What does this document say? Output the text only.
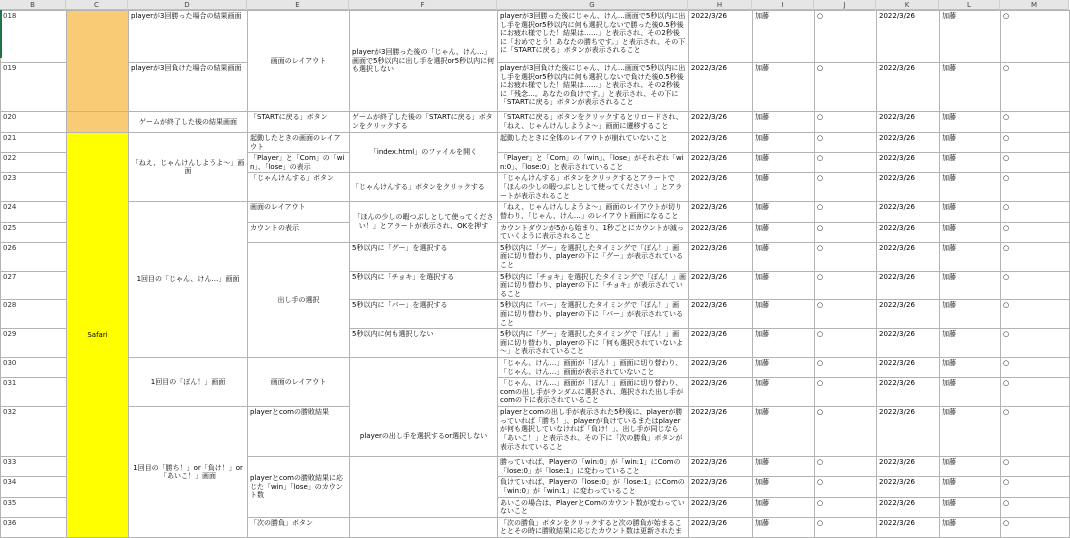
B	C	D	E	F	G	H	I	J	K	L	M
018		playerが3回勝った場合の結果画面	画面のレイアウト	playerが3回勝った後の「じゃん、けん…」画面で5秒以内に出し手を選択or5秒以内に何も選択しない	playerが3回勝った後にじゃん、けん…画面で5秒以内に出し手を選択or5秒以内に何も選択しないで勝った後0.5秒後にお疲れ様でした！結果は……」と表示され、その2秒後に「おめでとう！あなたの勝ちです。」と表示され、その下に「STARTに戻る」ボタンが表示されること	2022/3/26	加藤	○	2022/3/26	加藤	○
019		playerが3回負けた場合の結果画面			playerが3回負けた後にじゃん、けん…画面で5秒以内に出し手を選択or5秒以内に何も選択しないで負けた後0.5秒後にお疲れ様でした！結果は……」と表示され、その2秒後に「残念…。あなたの負けです。」と表示され、その下に「STARTに戻る」ボタンが表示されること	2022/3/26	加藤	○	2022/3/26	加藤	○
020		ゲームが終了した後の結果画面	「STARTに戻る」ボタン	ゲームが終了した後の「STARTに戻る」ボタンをクリックする	「STARTに戻る」ボタンをクリックするとリロードされ、「ねえ、じゃんけんしようよ～」画面に遷移すること	2022/3/26	加藤	○	2022/3/26	加藤	○
021	Safari	「ねえ、じゃんけんしようよ～」画面	起動したときの画面のレイアウト	「index.html」のファイルを開く	起動したときに全体のレイアウトが崩れていないこと	2022/3/26	加藤	○	2022/3/26	加藤	○
022			「Player」と「Com」の「win」、「lose」の表示		「Player」と「Com」の「win」、「lose」がそれぞれ「win:0」、「lose:0」と表示されていること	2022/3/26	加藤	○	2022/3/26	加藤	○
023			「じゃんけんする」ボタン	「じゃんけんする」ボタンをクリックする	「じゃんけんする」ボタンをクリックするとアラートで「ほんの少しの暇つぶしとして使ってください！」とアラートが表示されること	2022/3/26	加藤	○	2022/3/26	加藤	○
024		1回目の「じゃん、けん…」画面	画面のレイアウト	「ほんの少しの暇つぶしとして使ってください！」とアラートが表示され、OKを押す	「ねえ、じゃんけんしようよ～」画面のレイアウトが切り替わり、「じゃん、けん…」のレイアウト画面になること	2022/3/26	加藤	○	2022/3/26	加藤	○
025			カウントの表示		カウントダウンが5から始まり、1秒ごとにカウントが減っていくように表示されること	2022/3/26	加藤	○	2022/3/26	加藤	○
026			出し手の選択	5秒以内に「グー」を選択する	5秒以内に「グー」を選択したタイミングで「ぽん！」画面に切り替わり、playerの下に「グー」が表示されていること	2022/3/26	加藤	○	2022/3/26	加藤	○
027				5秒以内に「チョキ」を選択する	5秒以内に「チョキ」を選択したタイミングで「ぽん！」画面に切り替わり、playerの下に「チョキ」が表示されていること	2022/3/26	加藤	○	2022/3/26	加藤	○
028				5秒以内に「パー」を選択する	5秒以内に「パー」を選択したタイミングで「ぽん！」画面に切り替わり、playerの下に「パー」が表示されていること	2022/3/26	加藤	○	2022/3/26	加藤	○
029				5秒以内に何も選択しない	5秒以内に「グー」を選択したタイミングで「ぽん！」画面に切り替わり、playerの下に「何も選択されていないよ～」と表示されていること	2022/3/26	加藤	○	2022/3/26	加藤	○
030		1回目の「ぽん！」画面	画面のレイアウト	playerの出し手を選択するor選択しない	「じゃん、けん…」画面が「ぽん！」画面に切り替わり、「じゃん、けん…」画面が表示されていないこと	2022/3/26	加藤	○	2022/3/26	加藤	○
031					「じゃん、けん…」画面が「ぽん！」画面に切り替わり、comの出し手がランダムに選択され、選択された出し手がcomの下に表示されていること	2022/3/26	加藤	○	2022/3/26	加藤	○
032		1回目の「勝ち！」or「負け！」or「あいこ！」画面	playerとcomの勝敗結果		playerとcomの出し手が表示された5秒後に、playerが勝っていれば「勝ち！」、playerが負けているまたはplayerが何も選択していなければ「負け！」、出し手が同じなら「あいこ！」と表示され、その下に「次の勝負」ボタンが表示されていること	2022/3/26	加藤	○	2022/3/26	加藤	○
033			playerとcomの勝敗結果に応じた「win」「lose」のカウント数		勝っていれば、Playerの「win:0」が「win:1」にComの「lose:0」が「lose:1」に変わっていること	2022/3/26	加藤	○	2022/3/26	加藤	○
034					負けていれば、Playerの「lose:0」が「lose:1」にComの「win:0」が「win:1」に変わっていること	2022/3/26	加藤	○	2022/3/26	加藤	○
035					あいこの場合は、PlayerとComのカウント数が変わっていないこと	2022/3/26	加藤	○	2022/3/26	加藤	○
036			「次の勝負」ボタン		「次の勝負」ボタンをクリックすると次の勝負が始まることとその時に勝敗結果に応じたカウント数は更新されたま	2022/3/26	加藤	○	2022/3/26	加藤	○
